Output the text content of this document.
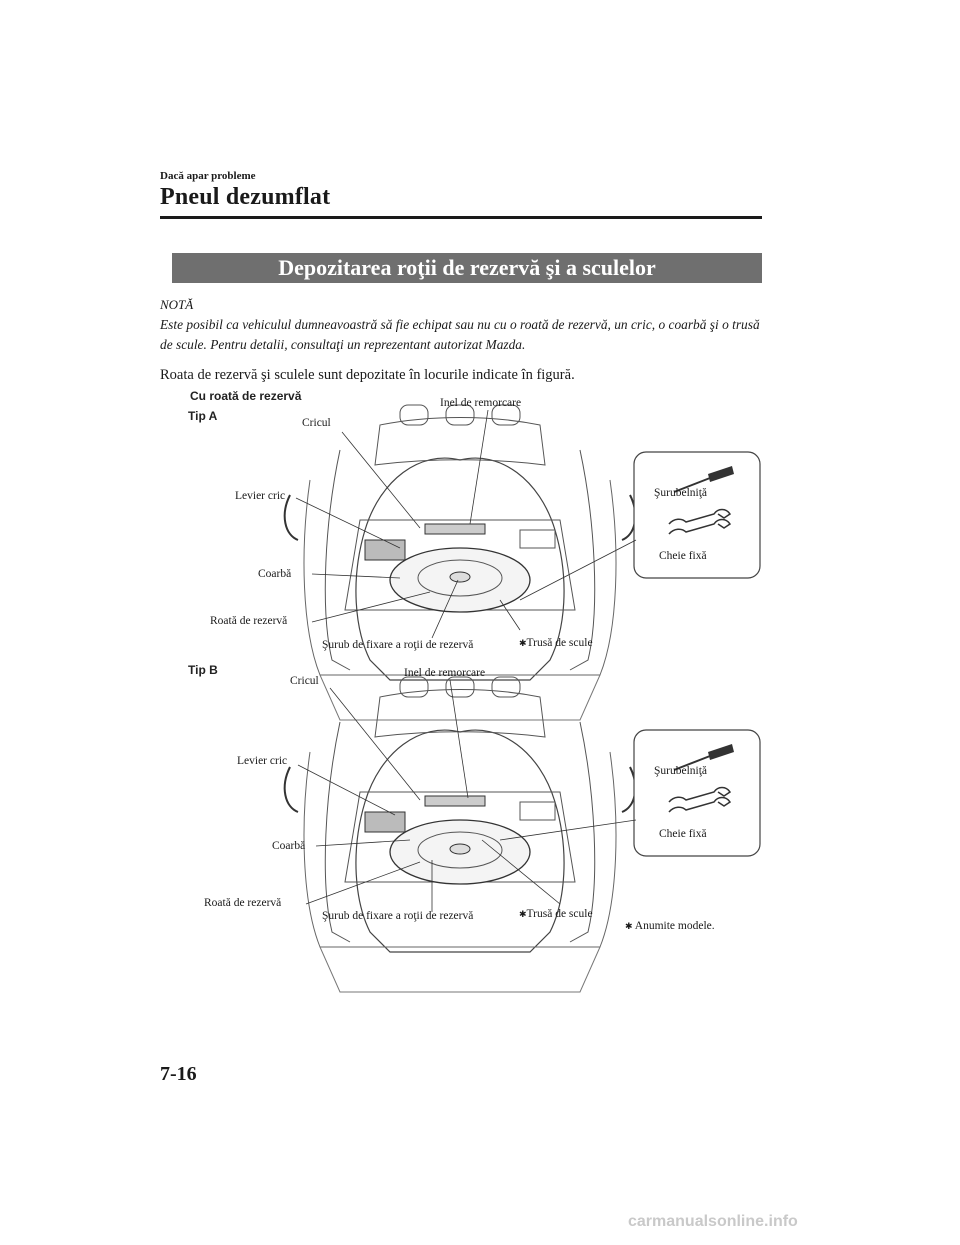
Dacă apar probleme
Pneul dezumflat
Depozitarea roţii de rezervă şi a sculelor
NOTĂ
Este posibil ca vehiculul dumneavoastră să fie echipat sau nu cu o roată de rezervă, un cric, o coarbă şi o trusă de scule. Pentru detalii, consultaţi un reprezentant autorizat Mazda.
Roata de rezervă şi sculele sunt depozitate în locurile indicate în figură.
Cu roată de rezervă
Tip A
Tip B
Cricul
Inel de remorcare
Levier cric
Coarbă
Roată de rezervă
Şurub de fixare a roţii de rezervă	✱Trusă de scule
Şurubelniţă
Cheie fixă
Cricul
Inel de remorcare
Levier cric
Coarbă
Roată de rezervă
Şurub de fixare a roţii de rezervă	✱Trusă de scule
Şurubelniţă
Cheie fixă
✱ Anumite modele.
7-16
carmanualsonline.info
